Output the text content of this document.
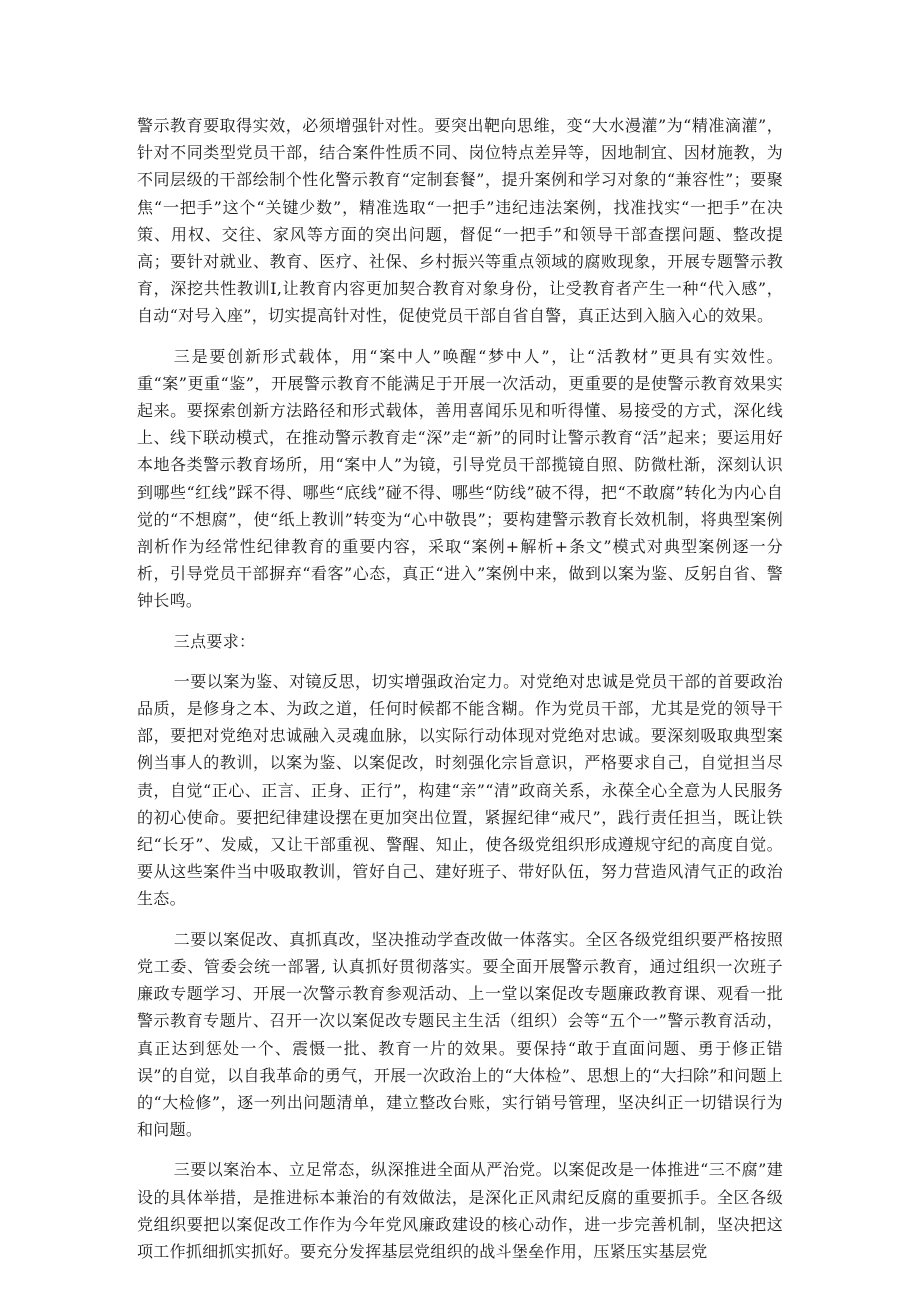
警示教育要取得实效，必须增强针对性。要突出靶向思维，变“大水漫灌”为“精准滴灌”，针对不同类型党员干部，结合案件性质不同、岗位特点差异等，因地制宜、因材施教，为不同层级的干部绘制个性化警示教育“定制套餐”，提升案例和学习对象的“兼容性”；要聚焦“一把手”这个“关键少数”，精准选取“一把手”违纪违法案例，找准找实“一把手”在决策、用权、交往、家风等方面的突出问题，督促“一把手”和领导干部查摆问题、整改提高；要针对就业、教育、医疗、社保、乡村振兴等重点领域的腐败现象，开展专题警示教育，深挖共性教训I,让教育内容更加契合教育对象身份，让受教育者产生一种“代入感”，自动“对号入座”，切实提高针对性，促使党员干部自省自警，真正达到入脑入心的效果。

三是要创新形式载体，用“案中人”唤醒“梦中人”，让“活教材”更具有实效性。重“案”更重“鉴”，开展警示教育不能满足于开展一次活动，更重要的是使警示教育效果实起来。要探索创新方法路径和形式载体，善用喜闻乐见和听得懂、易接受的方式，深化线上、线下联动模式，在推动警示教育走“深”走“新”的同时让警示教育“活”起来；要运用好本地各类警示教育场所，用“案中人”为镜，引导党员干部揽镜自照、防微杜渐，深刻认识到哪些“红线”踩不得、哪些“底线”碰不得、哪些“防线”破不得，把“不敢腐”转化为内心自觉的“不想腐”，使“纸上教训”转变为“心中敬畏”；要构建警示教育长效机制，将典型案例剖析作为经常性纪律教育的重要内容，采取“案例+解析+条文”模式对典型案例逐一分析，引导党员干部摒弃“看客”心态，真正“进入”案例中来，做到以案为鉴、反躬自省、警钟长鸣。

三点要求：

一要以案为鉴、对镜反思，切实增强政治定力。对党绝对忠诚是党员干部的首要政治品质，是修身之本、为政之道，任何时候都不能含糊。作为党员干部，尤其是党的领导干部，要把对党绝对忠诚融入灵魂血脉，以实际行动体现对党绝对忠诚。要深刻吸取典型案例当事人的教训，以案为鉴、以案促改，时刻强化宗旨意识，严格要求自己，自觉担当尽责，自觉“正心、正言、正身、正行”，构建“亲”“清”政商关系，永葆全心全意为人民服务的初心使命。要把纪律建设摆在更加突出位置，紧握纪律“戒尺”，践行责任担当，既让铁纪“长牙”、发威，又让干部重视、警醒、知止，使各级党组织形成遵规守纪的高度自觉。要从这些案件当中吸取教训，管好自己、建好班子、带好队伍，努力营造风清气正的政治生态。

二要以案促改、真抓真改，坚决推动学查改做一体落实。全区各级党组织要严格按照党工委、管委会统一部署, 认真抓好贯彻落实。要全面开展警示教育，通过组织一次班子廉政专题学习、开展一次警示教育参观活动、上一堂以案促改专题廉政教育课、观看一批警示教育专题片、召开一次以案促改专题民主生活（组织）会等“五个一”警示教育活动，真正达到惩处一个、震慑一批、教育一片的效果。要保持“敢于直面问题、勇于修正错误”的自觉，以自我革命的勇气，开展一次政治上的“大体检”、思想上的“大扫除”和问题上的“大检修”，逐一列出问题清单，建立整改台账，实行销号管理，坚决纠正一切错误行为和问题。

三要以案治本、立足常态，纵深推进全面从严治党。以案促改是一体推进“三不腐”建设的具体举措，是推进标本兼治的有效做法，是深化正风肃纪反腐的重要抓手。全区各级党组织要把以案促改工作作为今年党风廉政建设的核心动作，进一步完善机制，坚决把这项工作抓细抓实抓好。要充分发挥基层党组织的战斗堡垒作用，压紧压实基层党
